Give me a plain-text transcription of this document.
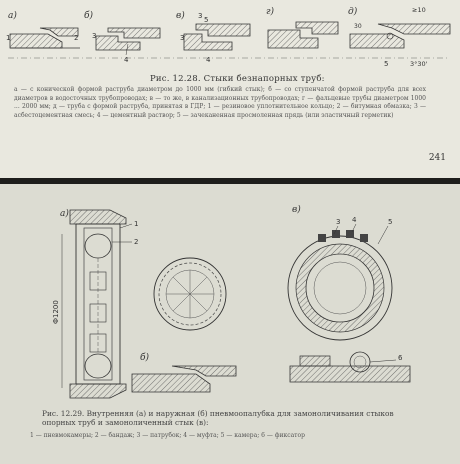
a)
1	2
б)
3
4
в) 3 5
3
4
г)	д)	≥10
30
3°30'
5
Рис. 12.28. Стыки безнапорных труб:
а — с конической формой раструба диаметром до 1000 мм (гибкий стык); б — со ступенчатой формой раструба для всех диаметров в водосточных трубопроводах; в — то же, в канализационных трубопроводах; г — фальцевые трубы диаметром 1000 ... 2000 мм; д — труба с формой раструба, принятая в ГДР; 1 — резиновое уплотнительное кольцо; 2 — битумная обмазка; 3 — асбестоцементная смесь; 4 — цементный раствор; 5 — зачеканенная просмоленная прядь (или эластичный герметик)
241
а)
Ф1200
1
2
б)
в)
3 4	5
6
Рис. 12.29. Внутренняя (а) и наружная (б) пневмоопалубка для замоноличивания стыков опорных труб и замоноличенный стык (в):
1 — пневмокамеры; 2 — бандаж; 3 — патрубок; 4 — муфта; 5 — камера; 6 — фиксатор
